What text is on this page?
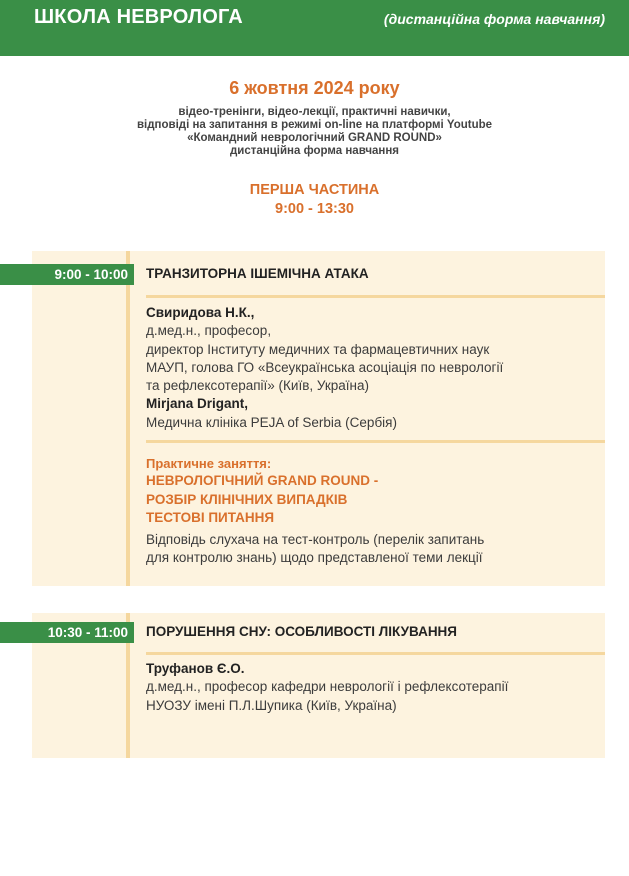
ШКОЛА НЕВРОЛОГА	(дистанційна форма навчання)
6 жовтня 2024 року
відео-тренінги, відео-лекції, практичні навички,
відповіді на запитання в режимі on-line на платформі Youtube
«Командний неврологічний GRAND ROUND»
дистанційна форма навчання
ПЕРША ЧАСТИНА
9:00 - 13:30
9:00 - 10:00	ТРАНЗИТОРНА ІШЕМІЧНА АТАКА
Свиридова Н.К.,
д.мед.н., професор,
директор Інституту медичних та фармацевтичних наук
МАУП, голова ГО «Всеукраїнська асоціація по неврології
та рефлексотерапії» (Київ, Україна)
Mirjana Drigant,
Медична клініка PEJA of Serbia (Сербія)
Практичне заняття:
НЕВРОЛОГІЧНИЙ GRAND ROUND -
РОЗБІР КЛІНІЧНИХ ВИПАДКІВ
ТЕСТОВІ ПИТАННЯ
Відповідь слухача на тест-контроль (перелік запитань
для контролю знань) щодо представленої теми лекції
10:30 - 11:00	ПОРУШЕННЯ СНУ: ОСОБЛИВОСТІ ЛІКУВАННЯ
Труфанов Є.О.
д.мед.н., професор кафедри неврології і рефлексотерапії
НУОЗУ імені П.Л.Шупика (Київ, Україна)
